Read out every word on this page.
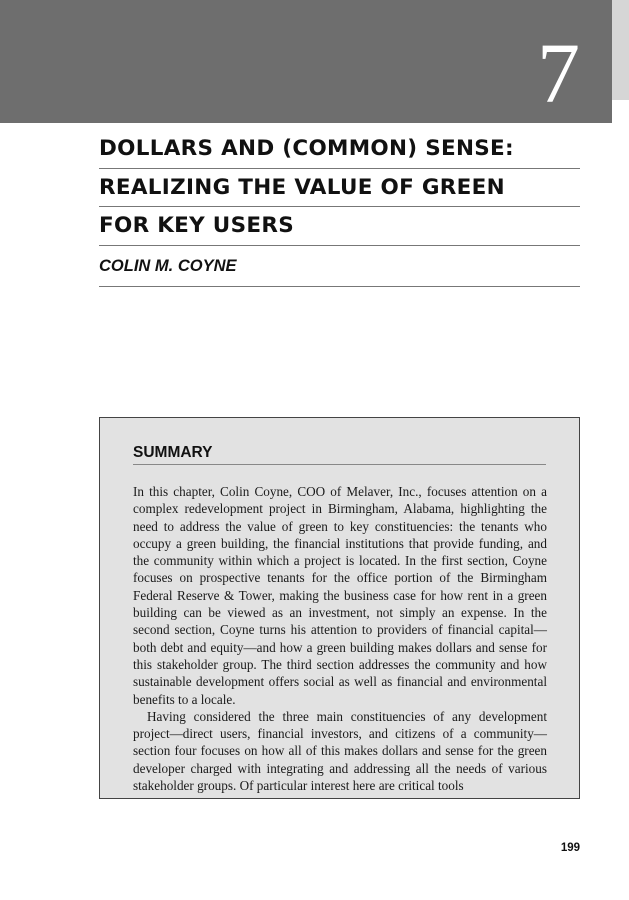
7
DOLLARS AND (COMMON) SENSE:
REALIZING THE VALUE OF GREEN
FOR KEY USERS
COLIN M. COYNE
SUMMARY

In this chapter, Colin Coyne, COO of Melaver, Inc., focuses attention on a complex redevelopment project in Birmingham, Alabama, highlighting the need to address the value of green to key constituencies: the tenants who occupy a green building, the financial institutions that provide funding, and the community within which a project is located. In the first section, Coyne focuses on prospective tenants for the office portion of the Birmingham Federal Reserve & Tower, making the business case for how rent in a green building can be viewed as an investment, not simply an expense. In the second section, Coyne turns his attention to providers of financial capital—both debt and equity—and how a green building makes dollars and sense for this stakeholder group. The third section addresses the community and how sustainable development offers social as well as financial and environmental benefits to a locale.

Having considered the three main constituencies of any development project—direct users, financial investors, and citizens of a community—section four focuses on how all of this makes dollars and sense for the green developer charged with integrating and addressing all the needs of various stakeholder groups. Of particular interest here are critical tools

199
